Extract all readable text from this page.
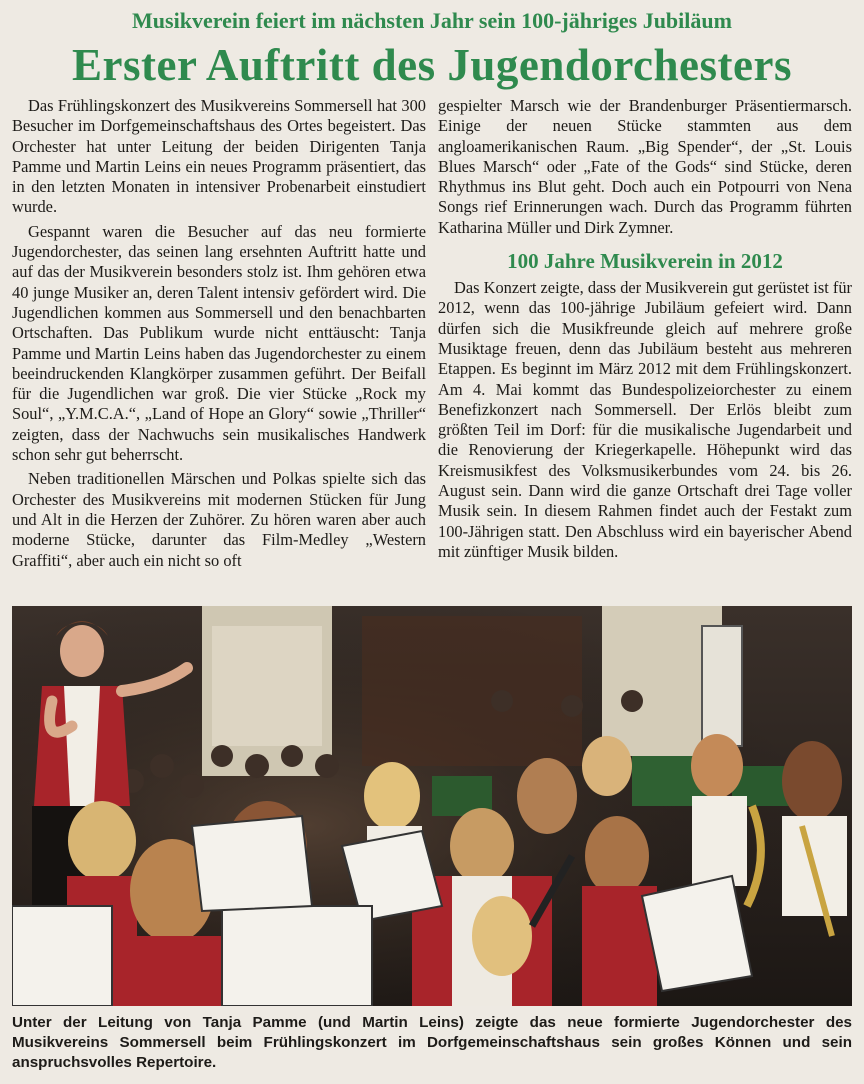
Musikverein feiert im nächsten Jahr sein 100-jähriges Jubiläum
Erster Auftritt des Jugendorchesters

Das Frühlingskonzert des Musikvereins Sommersell hat 300 Besucher im Dorfgemeinschaftshaus des Ortes begeistert. Das Orchester hat unter Leitung der beiden Dirigenten Tanja Pamme und Martin Leins ein neues Programm präsentiert, das in den letzten Monaten in intensiver Probenarbeit einstudiert wurde.

Gespannt waren die Besucher auf das neu formierte Jugendorchester, das seinen lang ersehnten Auftritt hatte und auf das der Musikverein besonders stolz ist. Ihm gehören etwa 40 junge Musiker an, deren Talent intensiv gefördert wird. Die Jugendlichen kommen aus Sommersell und den benachbarten Ortschaften. Das Publikum wurde nicht enttäuscht: Tanja Pamme und Martin Leins haben das Jugendorchester zu einem beeindruckenden Klangkörper zusammen geführt. Der Beifall für die Jugendlichen war groß. Die vier Stücke „Rock my Soul“, „Y.M.C.A.“, „Land of Hope an Glory“ sowie „Thriller“ zeigten, dass der Nachwuchs sein musikalisches Handwerk schon sehr gut beherrscht.

Neben traditionellen Märschen und Polkas spielte sich das Orchester des Musikvereins mit modernen Stücken für Jung und Alt in die Herzen der Zuhörer. Zu hören waren aber auch moderne Stücke, darunter das Film-Medley „Western Graffiti“, aber auch ein nicht so oft

gespielter Marsch wie der Brandenburger Präsentiermarsch. Einige der neuen Stücke stammten aus dem angloamerikanischen Raum. „Big Spender“, der „St. Louis Blues Marsch“ oder „Fate of the Gods“ sind Stücke, deren Rhythmus ins Blut geht. Doch auch ein Potpourri von Nena Songs rief Erinnerungen wach. Durch das Programm führten Katharina Müller und Dirk Zymner.

100 Jahre Musikverein in 2012

Das Konzert zeigte, dass der Musikverein gut gerüstet ist für 2012, wenn das 100-jährige Jubiläum gefeiert wird. Dann dürfen sich die Musikfreunde gleich auf mehrere große Musiktage freuen, denn das Jubiläum besteht aus mehreren Etappen. Es beginnt im März 2012 mit dem Frühlingskonzert. Am 4. Mai kommt das Bundespolizeiorchester zu einem Benefizkonzert nach Sommersell. Der Erlös bleibt zum größten Teil im Dorf: für die musikalische Jugendarbeit und die Renovierung der Kriegerkapelle. Höhepunkt wird das Kreismusikfest des Volksmusikerbundes vom 24. bis 26. August sein. Dann wird die ganze Ortschaft drei Tage voller Musik sein. In diesem Rahmen findet auch der Festakt zum 100-Jährigen statt. Den Abschluss wird ein bayerischer Abend mit zünftiger Musik bilden.

Unter der Leitung von Tanja Pamme (und Martin Leins) zeigte das neue formierte Jugendorchester des Musikvereins Sommersell beim Frühlingskonzert im Dorfgemeinschaftshaus sein großes Können und sein anspruchsvolles Repertoire.
